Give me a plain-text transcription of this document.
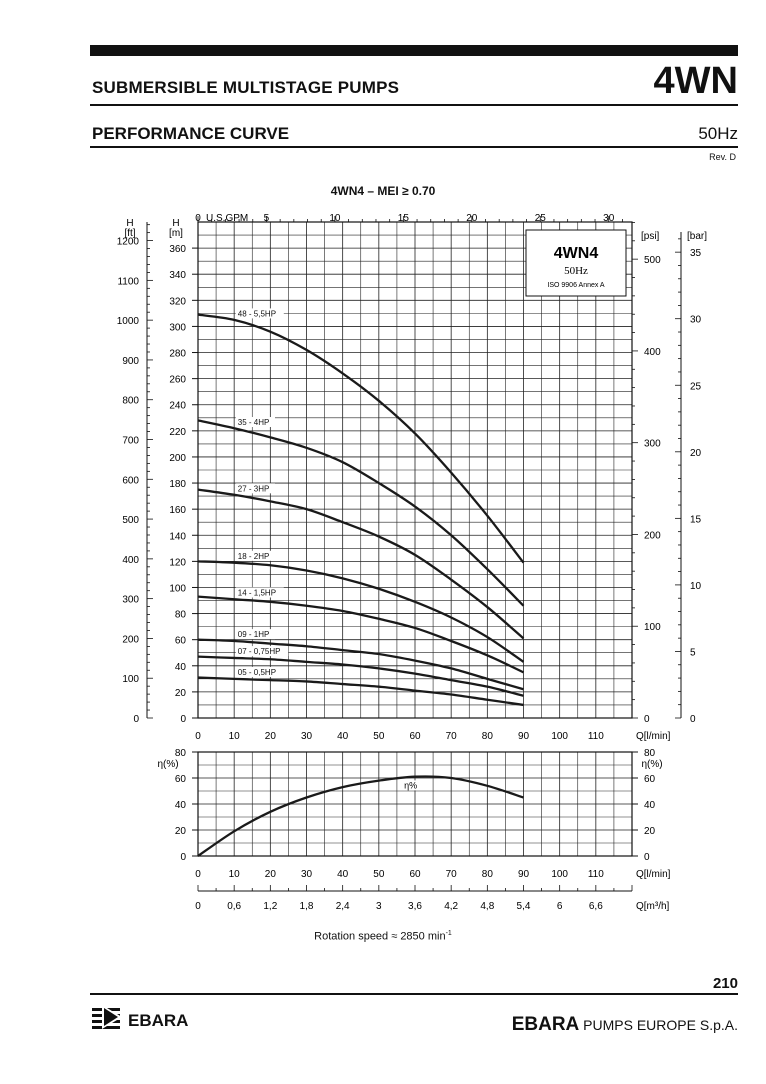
SUBMERSIBLE MULTISTAGE PUMPS	4WN
PERFORMANCE CURVE	50Hz
Rev. D
4WN4 – MEI ≥ 0.70
4WN4
50Hz
ISO 9906 Annex A
0
20
40
60
80
100
120
140
160
180
200
220
240
260
280
300
320
340
360
0
100
200
300
400
500
600
700
800
900
1000
1100
1200
H
[ft]
H
[m]
0	5	10	15	20	25	30
U.S.GPM
0
100
200
300
400
500
[psi]
0
5
10
15
20
25
30
35
[bar]
0	10	20	30	40	50	60	70	80	90 100 110	Q[l/min]
48 - 5,5HP
35 - 4HP
27 - 3HP
18 - 2HP
14 - 1,5HP
09 - 1HP
07 - 0,75HP
05 - 0,5HP
0	0
20	20
40	40
60	60
80	80
η(%)	η(%)
η%
0	10	20	30	40	50	60	70	80	90 100 110	Q[l/min]
0	0,6 1,2 1,8 2,4	3	3,6 4,2 4,8 5,4	6	6,6	Q[m³/h]
Rotation speed ≈ 2850 $\min^{-1}$
210
EBARA	EBARA PUMPS EUROPE S.p.A.
